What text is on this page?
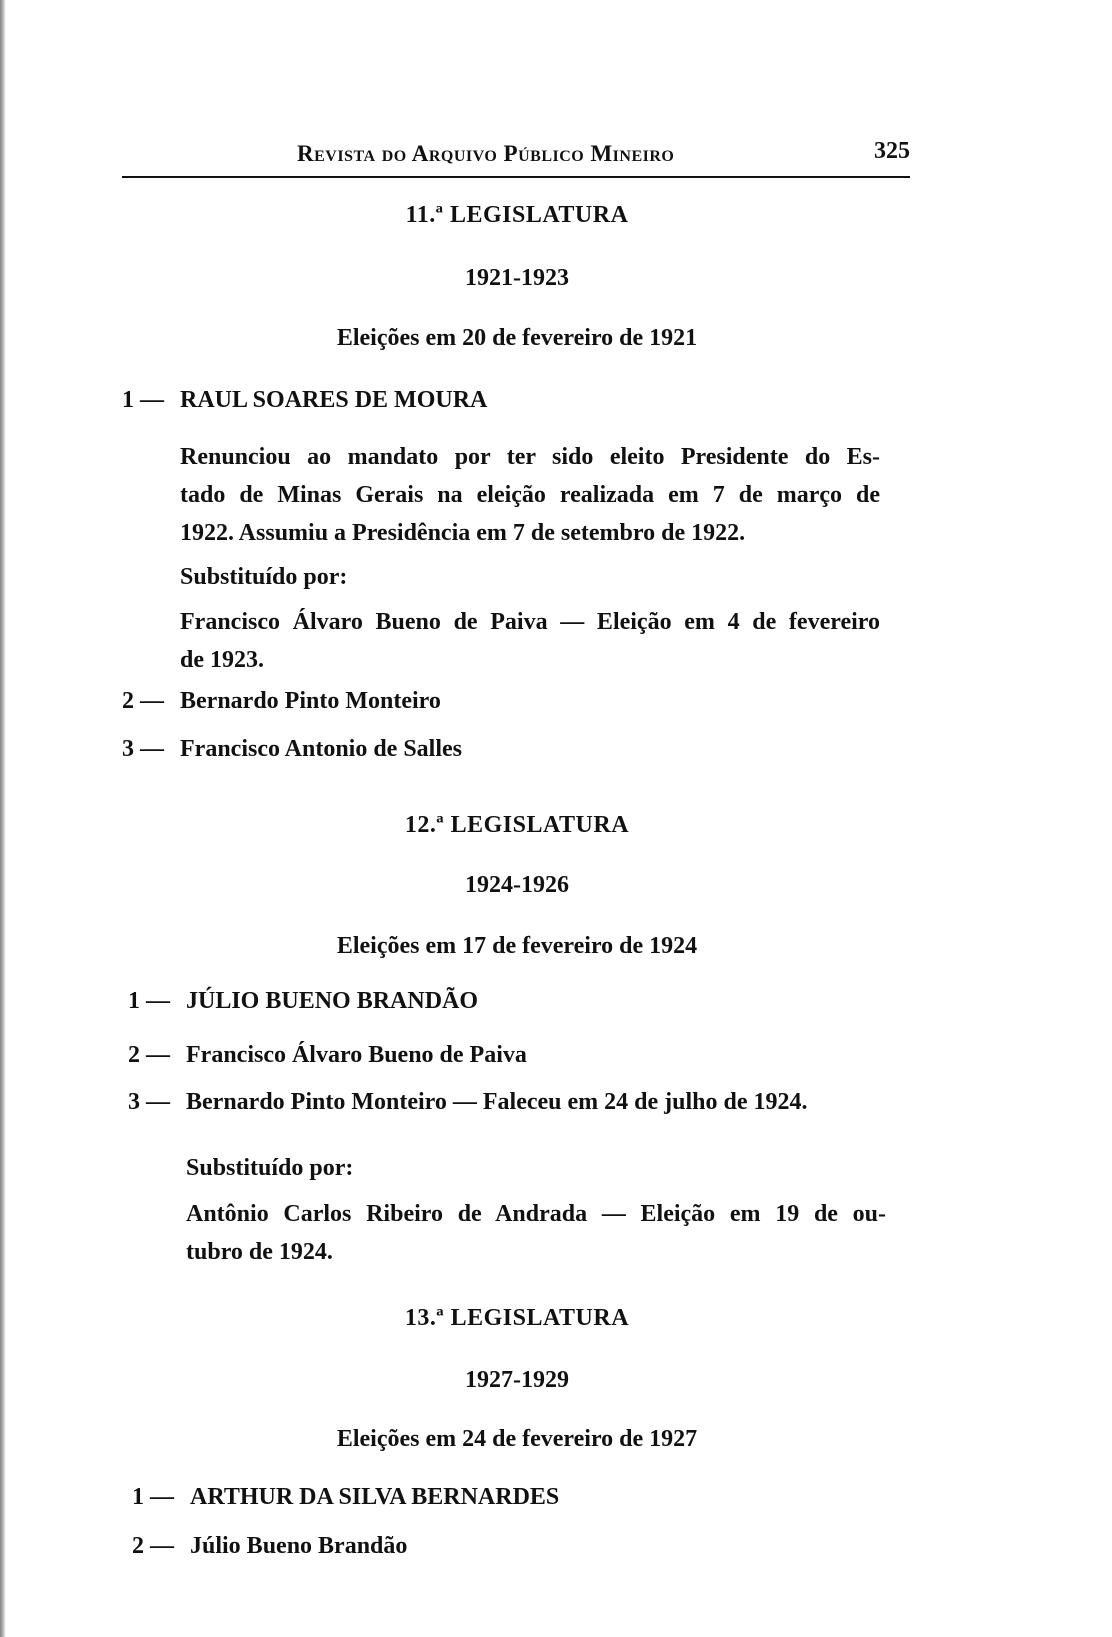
Revista do Arquivo Público Mineiro	325
11.ª LEGISLATURA
1921-1923
Eleições em 20 de fevereiro de 1921
1 — RAUL SOARES DE MOURA
Renunciou ao mandato por ter sido eleito Presidente do Es-
tado de Minas Gerais na eleição realizada em 7 de março de
1922. Assumiu a Presidência em 7 de setembro de 1922.
Substituído por:
Francisco Álvaro Bueno de Paiva — Eleição em 4 de fevereiro
de 1923.
2 — Bernardo Pinto Monteiro
3 — Francisco Antonio de Salles
12.ª LEGISLATURA
1924-1926
Eleições em 17 de fevereiro de 1924
1 — JÚLIO BUENO BRANDÃO
2 — Francisco Álvaro Bueno de Paiva
3 — Bernardo Pinto Monteiro — Faleceu em 24 de julho de 1924.
Substituído por:
Antônio Carlos Ribeiro de Andrada — Eleição em 19 de ou-
tubro de 1924.
13.ª LEGISLATURA
1927-1929
Eleições em 24 de fevereiro de 1927
1 — ARTHUR DA SILVA BERNARDES
2 — Júlio Bueno Brandão
